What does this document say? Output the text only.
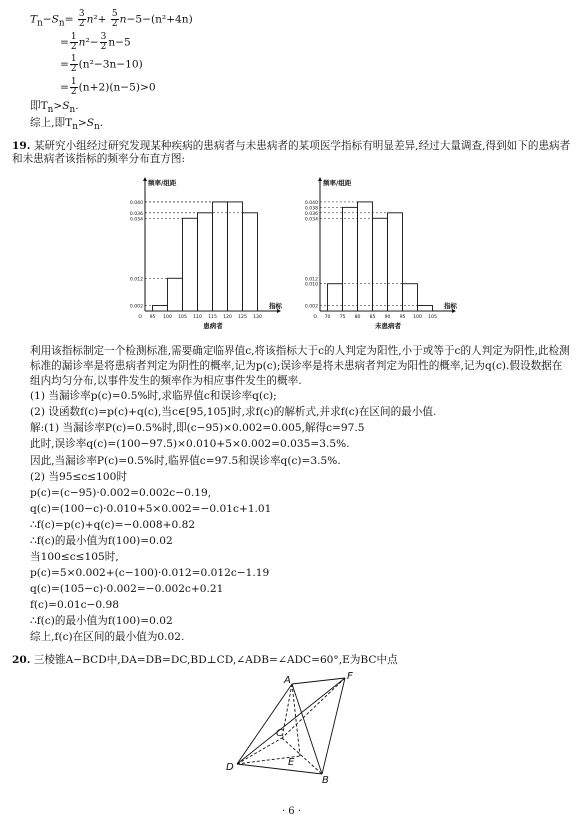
$T_n-S_n= \frac{3}{2} n^2+ \frac{5}{2} n-5-(n^2+4n)$
= $\frac{1}{2} n^2- \frac{3}{2} n-5$
= $\frac{1}{2} (n^2-3n-10)$
= $\frac{1}{2} (n+2)(n-5)>0$
即$T_n>S_n$.
综上,即$T_n>S_n$.
19. 某研究小组经过研究发现某种疾病的患病者与未患病者的某项医学指标有明显差异,经过大量调查,得到如下的患病者和未患病者该指标的频率分布直方图:
0.040
0.036
0.034
0.012
0.002
95 100 105 110 115 120 125 130
O
频率/组距
指标
患病者
0.040
0.038
0.036
0.034
0.012
0.010
0.002
70 75 80 85 90 95 100 105
O
频率/组距
指标
未患病者
利用该指标制定一个检测标准,需要确定临界值c,将该指标大于c的人判定为阳性,小于或等于c的人判定为阴性,此检测标准的漏诊率是将患病者判定为阴性的概率,记为p(c);误诊率是将未患病者判定为阳性的概率,记为q(c).假设数据在组内均匀分布,以事件发生的频率作为相应事件发生的概率.
(1) 当漏诊率p(c)=0.5%时,求临界值c和误诊率q(c);
(2) 设函数f(c)=p(c)+q(c),当c∈[95,105]时,求f(c)的解析式,并求f(c)在区间的最小值.
解:(1) 当漏诊率P(c)=0.5%时,即(c−95)×0.002=0.005,解得c=97.5
此时,误诊率q(c)=(100−97.5)×0.010+5×0.002=0.035=3.5%.
因此,当漏诊率P(c)=0.5%时,临界值c=97.5和误诊率q(c)=3.5%.
(2) 当95≤c≤100时
p(c)=(c−95)·0.002=0.002c−0.19,
q(c)=(100−c)·0.010+5×0.002=−0.01c+1.01
∴f(c)=p(c)+q(c)=−0.008+0.82
∴f(c)的最小值为f(100)=0.02
当100≤c≤105时,
p(c)=5×0.002+(c−100)·0.012=0.012c−1.19
q(c)=(105−c)·0.002=−0.002c+0.21
f(c)=0.01c−0.98
∴f(c)的最小值为f(100)=0.02
综上,f(c)在区间的最小值为0.02.
20. 三棱锥A−BCD中,DA=DB=DC,BD⊥CD,∠ADB=∠ADC=60°,E为BC中点
A	F
C
D	E
B
· 6 ·
